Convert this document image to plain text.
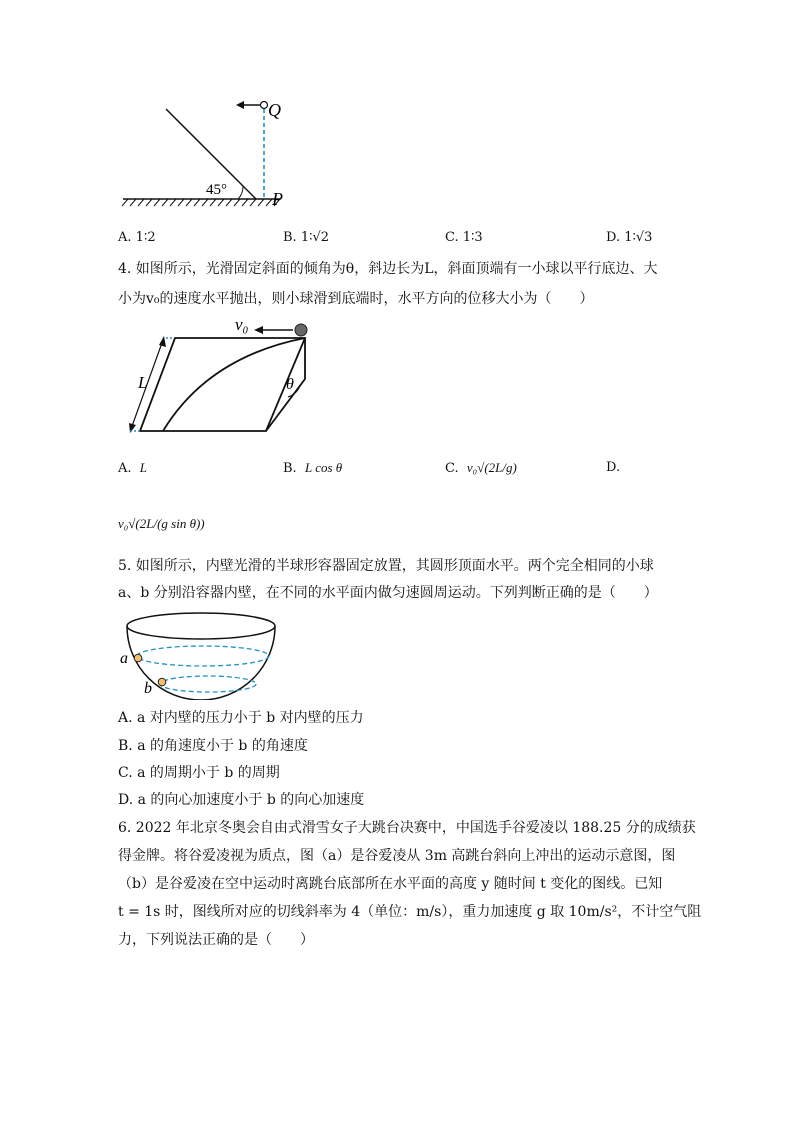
Q
P
45°
A. 1∶2	B. 1∶√2	C. 1∶3	D. 1∶√3
4. 如图所示，光滑固定斜面的倾角为θ，斜边长为L，斜面顶端有一小球以平行底边、大
小为v₀的速度水平抛出，则小球滑到底端时，水平方向的位移大小为（　　）
v₀
L	θ
A. L	B. L cos θ	C. v₀√(2L/g)	D.
v₀√(2L/(g sin θ))
5. 如图所示，内壁光滑的半球形容器固定放置，其圆形顶面水平。两个完全相同的小球
a、b 分别沿容器内壁，在不同的水平面内做匀速圆周运动。下列判断正确的是（　　）
a
b
A. a 对内壁的压力小于 b 对内壁的压力
B. a 的角速度小于 b 的角速度
C. a 的周期小于 b 的周期
D. a 的向心加速度小于 b 的向心加速度
6. 2022 年北京冬奥会自由式滑雪女子大跳台决赛中，中国选手谷爱凌以 188.25 分的成绩获
得金牌。将谷爱凌视为质点，图（a）是谷爱凌从 3m 高跳台斜向上冲出的运动示意图，图
（b）是谷爱凌在空中运动时离跳台底部所在水平面的高度 y 随时间 t 变化的图线。已知
t = 1s 时，图线所对应的切线斜率为 4（单位：m/s），重力加速度 g 取 10m/s²，不计空气阻
力，下列说法正确的是（　　）
